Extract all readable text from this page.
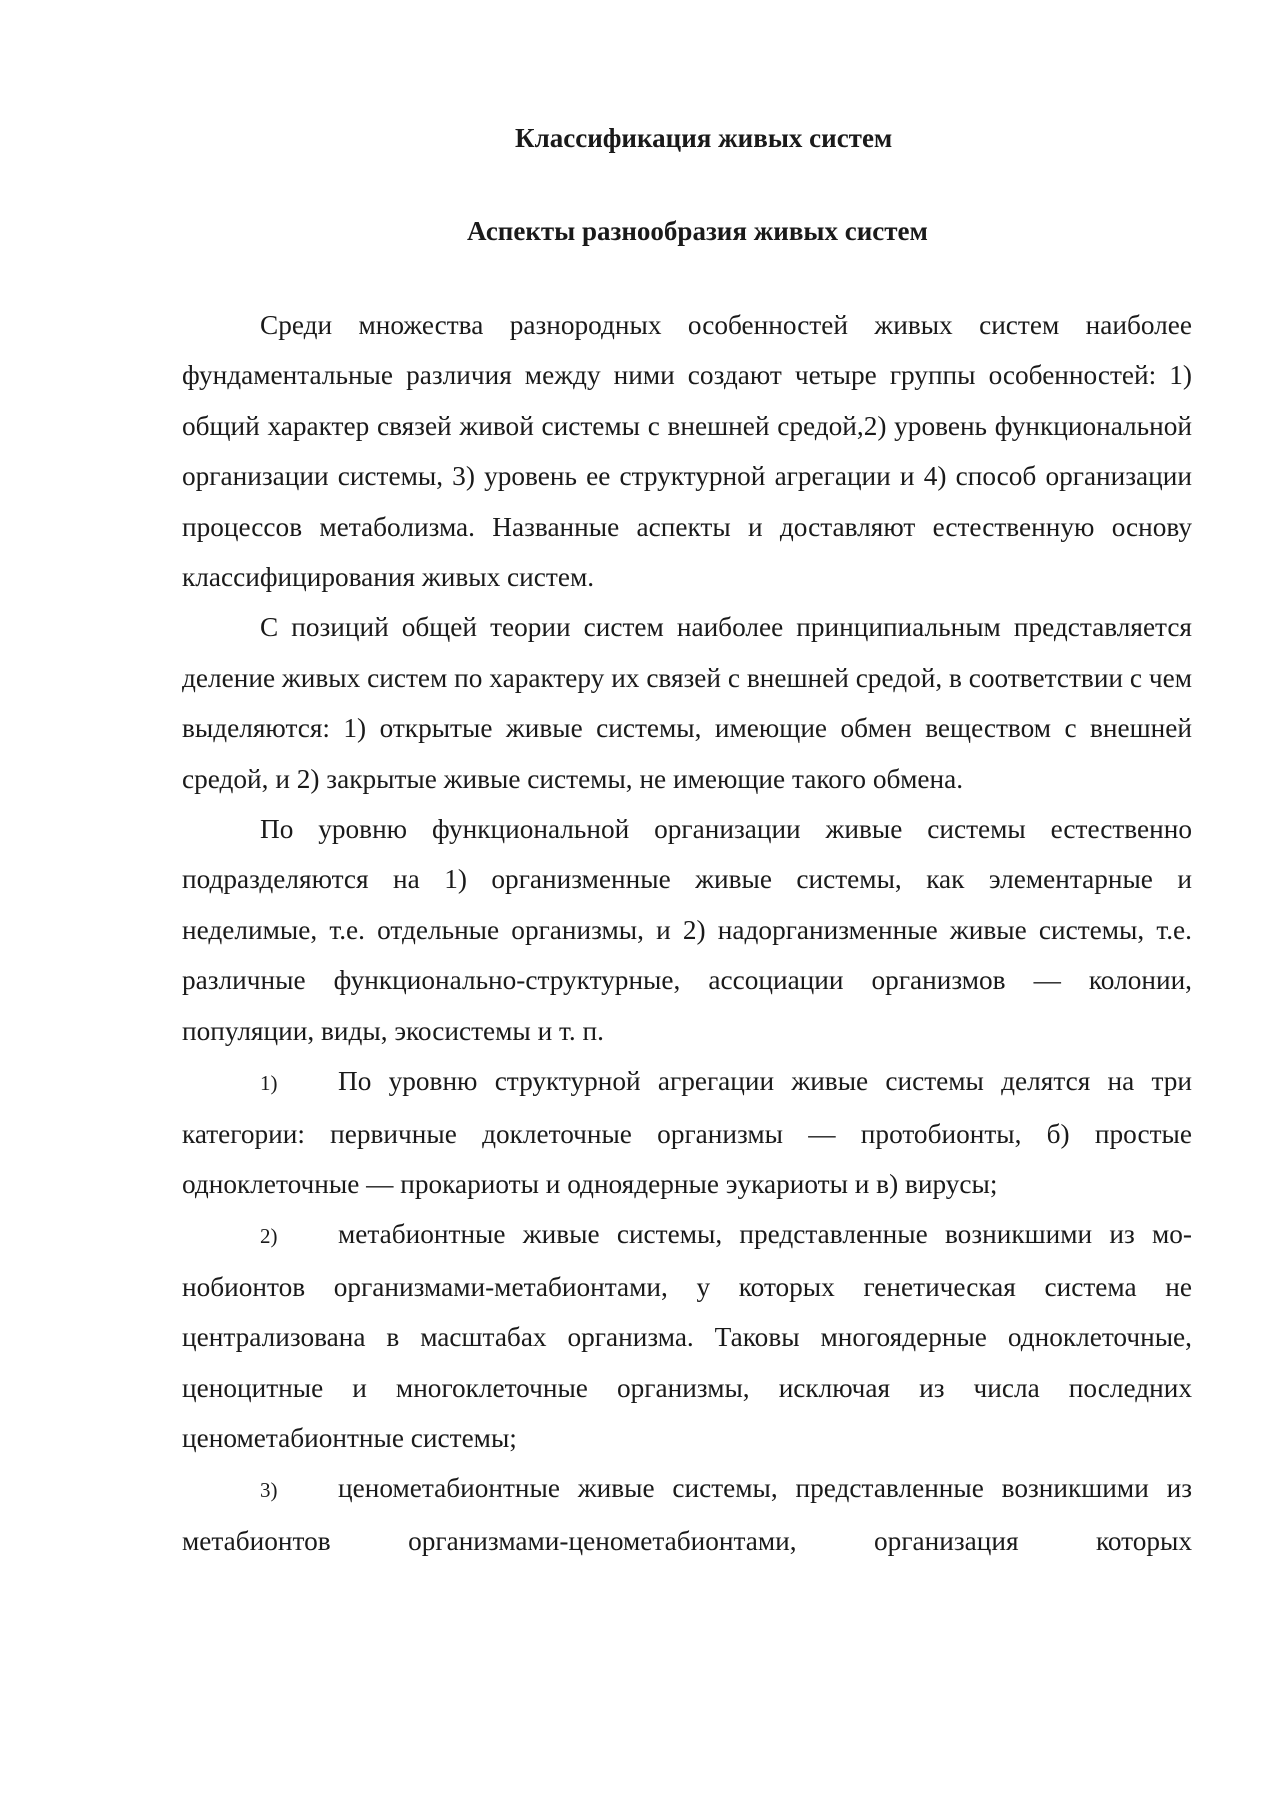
Классификация живых систем
Аспекты разнообразия живых систем

Среди множества разнородных особенностей живых систем наиболее фундаментальные различия между ними создают четыре группы особенностей: 1) общий характер связей живой системы с внешней средой,2) уровень функциональной организации системы, 3) уровень ее структурной агрегации и 4) способ организации процессов метаболизма. Названные аспекты и доставляют естественную основу классифицирования живых систем.

С позиций общей теории систем наиболее принципиальным представляется деление живых систем по характеру их связей с внешней средой, в соответствии с чем выделяются: 1) открытые живые системы, имеющие обмен веществом с внешней средой, и 2) закрытые живые системы, не имеющие такого обмена.

По уровню функциональной организации живые системы естественно подразделяются на 1) организменные живые системы, как элементарные и неделимые, т.е. отдельные организмы, и 2) надорганизменные живые системы, т.е. различные функционально-структурные, ассоциации организмов — колонии, популяции, виды, экосистемы и т. п.

1) По уровню структурной агрегации живые системы делятся на три категории: первичные доклеточные организмы — протобионты, б) простые одноклеточные — прокариоты и одноядерные эукариоты и в) вирусы;

2) метабионтные живые системы, представленные возникшими из мо-нобионтов организмами-метабионтами, у которых генетическая система не централизована в масштабах организма. Таковы многоядерные одноклеточные, ценоцитные и многоклеточные организмы, исключая из числа последних ценометабионтные системы;

3) ценометабионтные живые системы, представленные возникшими из метабионтов организмами-ценометабионтами, организация которых
